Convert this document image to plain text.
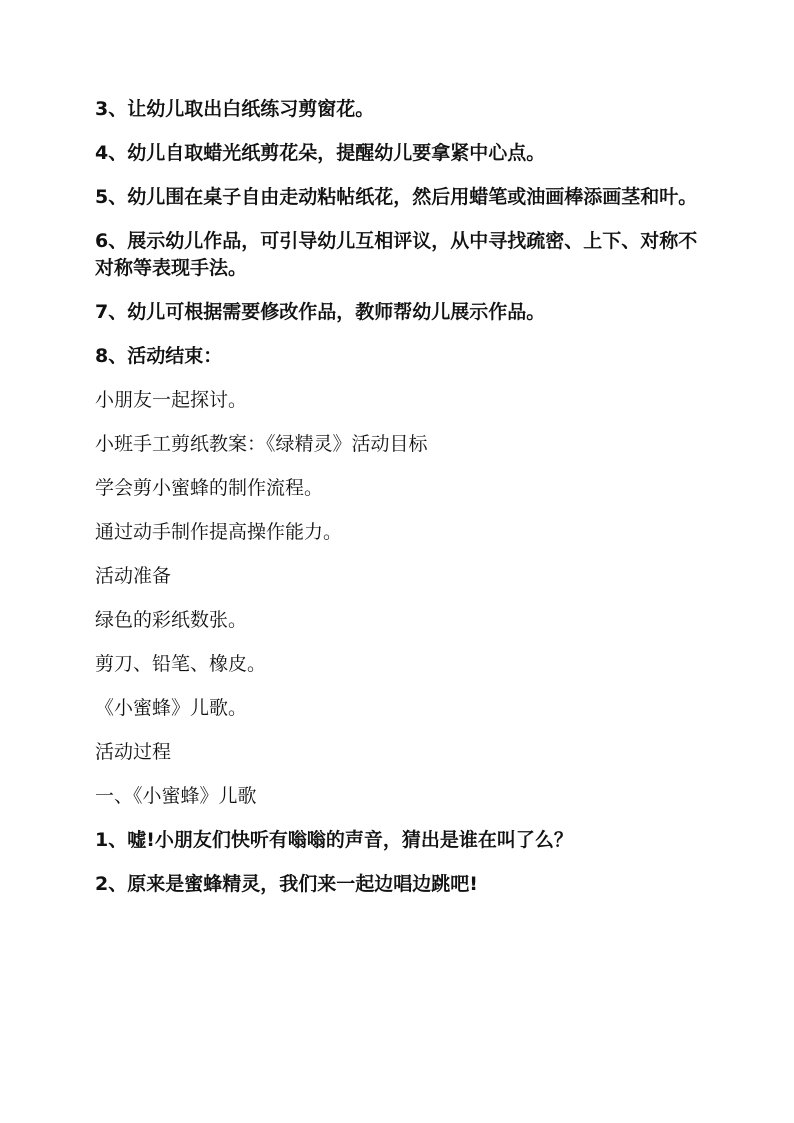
3、让幼儿取出白纸练习剪窗花。

4、幼儿自取蜡光纸剪花朵，提醒幼儿要拿紧中心点。

5、幼儿围在桌子自由走动粘帖纸花，然后用蜡笔或油画棒添画茎和叶。

6、展示幼儿作品，可引导幼儿互相评议，从中寻找疏密、上下、对称不对称等表现手法。

7、幼儿可根据需要修改作品，教师帮幼儿展示作品。

8、活动结束：

小朋友一起探讨。

小班手工剪纸教案：《绿精灵》活动目标

学会剪小蜜蜂的制作流程。

通过动手制作提高操作能力。

活动准备

绿色的彩纸数张。

剪刀、铅笔、橡皮。

《小蜜蜂》儿歌。

活动过程

一、《小蜜蜂》儿歌

1、嘘!小朋友们快听有嗡嗡的声音，猜出是谁在叫了么？

2、原来是蜜蜂精灵，我们来一起边唱边跳吧!
